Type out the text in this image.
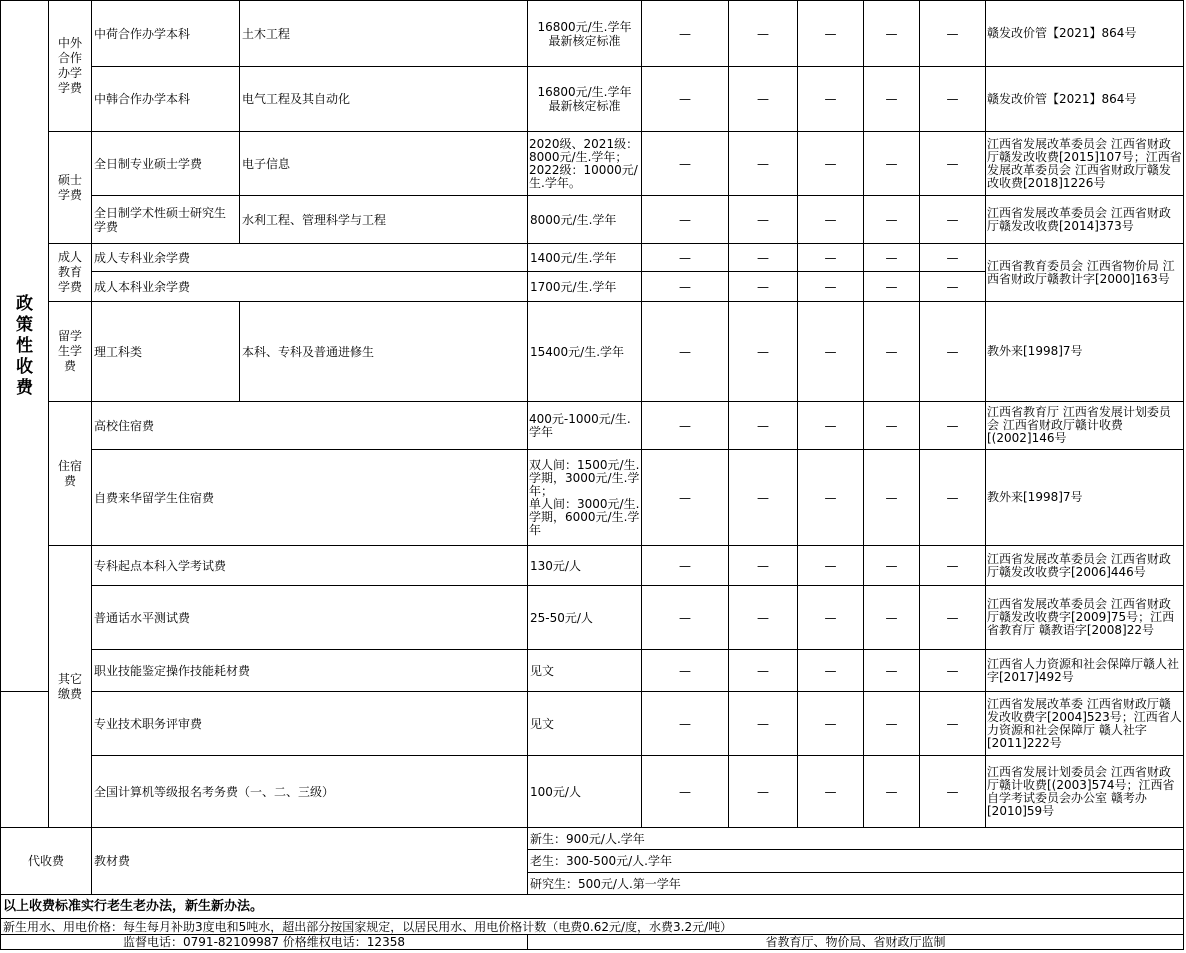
政策性收费	中外合作办学学费	中荷合作办学本科	土木工程	16800元/生.学年
最新核定标准	—	—	—	—	—	赣发改价管【2021】864号
		中韩合作办学本科	电气工程及其自动化	16800元/生.学年
最新核定标准	—	—	—	—	—	赣发改价管【2021】864号
	硕士学费	全日制专业硕士学费	电子信息	2020级、2021级：8000元/生.学年；2022级：10000元/生.学年。	—	—	—	—	—	江西省发展改革委员会 江西省财政厅赣发改收费[2015]107号；江西省发展改革委员会 江西省财政厅赣发改收费[2018]1226号
		全日制学术性硕士研究生学费	水利工程、管理科学与工程	8000元/生.学年	—	—	—	—	—	江西省发展改革委员会 江西省财政厅赣发改收费[2014]373号
	成人教育学费	成人专科业余学费		1400元/生.学年	—	—	—	—	—	江西省教育委员会 江西省物价局 江西省财政厅赣教计字[2000]163号
		成人本科业余学费		1700元/生.学年	—	—	—	—	—	
	留学生学费	理工科类	本科、专科及普通进修生	15400元/生.学年	—	—	—	—	—	教外来[1998]7号
	住宿费	高校住宿费		400元-1000元/生.学年	—	—	—	—	—	江西省教育厅 江西省发展计划委员会 江西省财政厅赣计收费[(2002]146号
		自费来华留学生住宿费		双人间：1500元/生.学期，3000元/生.学年；
单人间：3000元/生.学期，6000元/生.学年	—	—	—	—	—	教外来[1998]7号
	其它缴费	专科起点本科入学考试费		130元/人	—	—	—	—	—	江西省发展改革委员会 江西省财政厅赣发改收费字[2006]446号
		普通话水平测试费		25-50元/人	—	—	—	—	—	江西省发展改革委员会 江西省财政厅赣发改收费字[2009]75号；江西省教育厅 赣教语字[2008]22号
		职业技能鉴定操作技能耗材费		见文	—	—	—	—	—	江西省人力资源和社会保障厅赣人社字[2017]492号
		专业技术职务评审费		见文	—	—	—	—	—	江西省发展改革委 江西省财政厅赣发改收费字[2004]523号；江西省人力资源和社会保障厅 赣人社字[2011]222号
		全国计算机等级报名考务费（一、二、三级）		100元/人	—	—	—	—	—	江西省发展计划委员会 江西省财政厅赣计收费[(2003]574号；江西省自学考试委员会办公室 赣考办[2010]59号
代收费		教材费		新生：900元/人.学年						
				老生：300-500元/人.学年						
				研究生：500元/人.第一学年						
以上收费标准实行老生老办法，新生新办法。										
新生用水、用电价格：每生每月补助3度电和5吨水，超出部分按国家规定，以居民用水、用电价格计数（电费0.62元/度，水费3.2元/吨）										
监督电话：0791-82109987 价格维权电话：12358				省教育厅、物价局、省财政厅监制						
